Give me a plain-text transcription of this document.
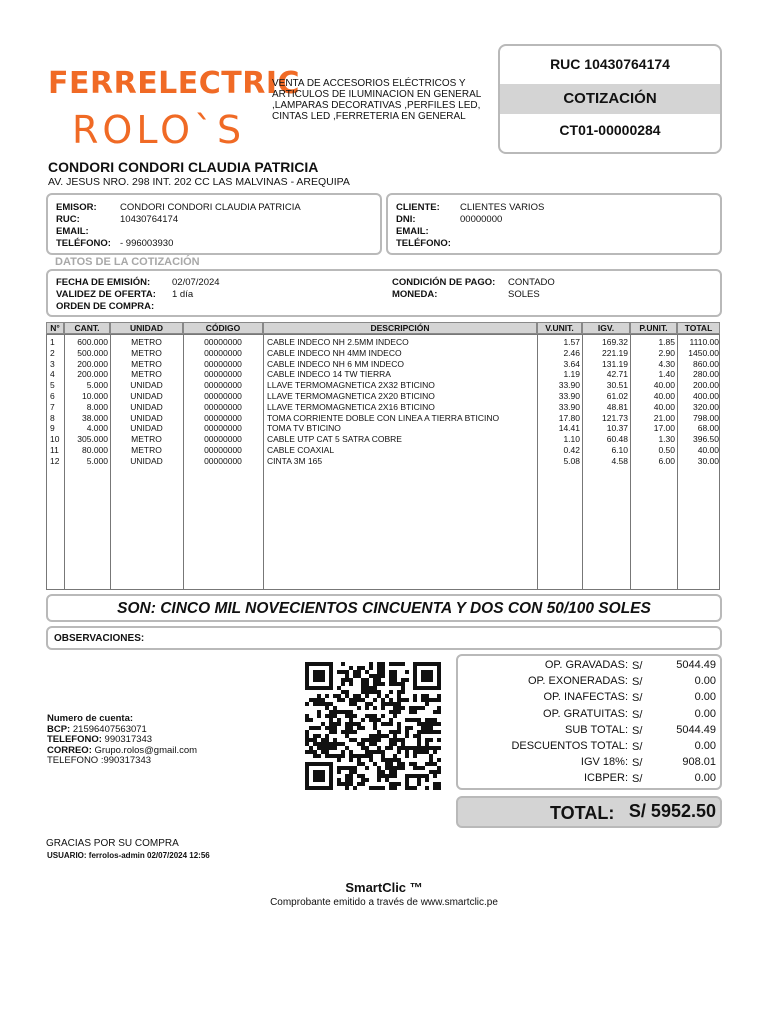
FERRELECTRIC
ROLO`S
VENTA DE ACCESORIOS ELÉCTRICOS Y
ARTICULOS DE ILUMINACION EN GENERAL
,LAMPARAS DECORATIVAS ,PERFILES LED,
CINTAS LED ,FERRETERIA EN GENERAL
RUC 10430764174
COTIZACIÓN
CT01-00000284
CONDORI CONDORI CLAUDIA PATRICIA
AV. JESUS NRO. 298 INT. 202 CC LAS MALVINAS - AREQUIPA
EMISOR: CONDORI CONDORI CLAUDIA PATRICIA
RUC:	10430764174
EMAIL:
TELÉFONO: - 996003930
CLIENTE: CLIENTES VARIOS
DNI:	00000000
EMAIL:
TELÉFONO:
DATOS DE LA COTIZACIÓN
FECHA DE EMISIÓN: 02/07/2024
VALIDEZ DE OFERTA: 1 día
ORDEN DE COMPRA:
CONDICIÓN DE PAGO: CONTADO
MONEDA:	SOLES
N°	CANT.	UNIDAD	CÓDIGO	DESCRIPCIÓN	V.UNIT.	IGV.	P.UNIT.	TOTAL
1	600.000	METRO	00000000	CABLE INDECO NH 2.5MM INDECO	1.57	169.32	1.85	1110.00
2	500.000	METRO	00000000	CABLE INDECO NH 4MM INDECO	2.46	221.19	2.90	1450.00
3	200.000	METRO	00000000	CABLE INDECO NH 6 MM INDECO	3.64	131.19	4.30	860.00
4	200.000	METRO	00000000	CABLE INDECO 14 TW TIERRA	1.19	42.71	1.40	280.00
5	5.000	UNIDAD	00000000	LLAVE TERMOMAGNETICA 2X32 BTICINO	33.90	30.51	40.00	200.00
6	10.000	UNIDAD	00000000	LLAVE TERMOMAGNETICA 2X20 BTICINO	33.90	61.02	40.00	400.00
7	8.000	UNIDAD	00000000	LLAVE TERMOMAGNETICA 2X16 BTICINO	33.90	48.81	40.00	320.00
8	38.000	UNIDAD	00000000	TOMA CORRIENTE DOBLE CON LINEA A TIERRA BTICINO	17.80	121.73	21.00	798.00
9	4.000	UNIDAD	00000000	TOMA TV BTICINO	14.41	10.37	17.00	68.00
10	305.000	METRO	00000000	CABLE UTP CAT 5 SATRA COBRE	1.10	60.48	1.30	396.50
11	80.000	METRO	00000000	CABLE COAXIAL	0.42	6.10	0.50	40.00
12	5.000	UNIDAD	00000000	CINTA 3M 165	5.08	4.58	6.00	30.00
SON: CINCO MIL NOVECIENTOS CINCUENTA Y DOS CON 50/100 SOLES
OBSERVACIONES:
Numero de cuenta:
BCP: 21596407563071
TELEFONO: 990317343
CORREO: Grupo.rolos@gmail.com
TELEFONO :990317343
OP. GRAVADAS: S/	5044.49
OP. EXONERADAS: S/	0.00
OP. INAFECTAS: S/	0.00
OP. GRATUITAS: S/	0.00
SUB TOTAL: S/	5044.49
DESCUENTOS TOTAL: S/	0.00
IGV 18%: S/	908.01
ICBPER: S/	0.00
TOTAL: S/ 5952.50
GRACIAS POR SU COMPRA
USUARIO: ferrolos-admin 02/07/2024 12:56
SmartClic ™
Comprobante emitido a través de www.smartclic.pe
